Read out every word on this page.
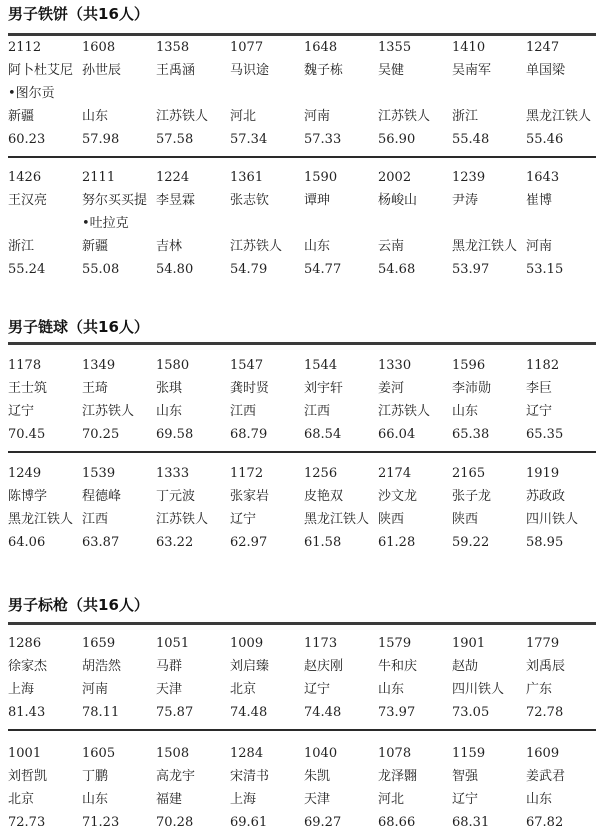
男子铁饼（共16人）
2112
阿卜杜艾尼
•图尔贡
新疆
60.23
1608
孙世辰
山东
57.98
1358
王禹涵
江苏铁人
57.58
1077
马识途
河北
57.34
1648
魏子栋
河南
57.33
1355
吴健
江苏铁人
56.90
1410
吴南军
浙江
55.48
1247
单国梁
黑龙江铁人
55.46
1426
王汉亮
浙江
55.24
2111
努尔买买提
•吐拉克
新疆
55.08
1224
李昱霖
吉林
54.80
1361
张志钦
江苏铁人
54.79
1590
谭珅
山东
54.77
2002
杨峻山
云南
54.68
1239
尹涛
黑龙江铁人
53.97
1643
崔博
河南
53.15
男子链球（共16人）
1178
王士筑
辽宁
70.45
1349
王琦
江苏铁人
70.25
1580
张琪
山东
69.58
1547
龚时贤
江西
68.79
1544
刘宇轩
江西
68.54
1330
姜河
江苏铁人
66.04
1596
李沛勋
山东
65.38
1182
李巨
辽宁
65.35
1249
陈博学
黑龙江铁人
64.06
1539
程德峰
江西
63.87
1333
丁元波
江苏铁人
63.22
1172
张家岩
辽宁
62.97
1256
皮艳双
黑龙江铁人
61.58
2174
沙文龙
陕西
61.28
2165
张子龙
陕西
59.22
1919
苏政政
四川铁人
58.95
男子标枪（共16人）
1286
徐家杰
上海
81.43
1659
胡浩然
河南
78.11
1051
马群
天津
75.87
1009
刘启臻
北京
74.48
1173
赵庆刚
辽宁
74.48
1579
牛和庆
山东
73.97
1901
赵劼
四川铁人
73.05
1779
刘禹辰
广东
72.78
1001
刘哲凯
北京
72.73
1605
丁鹏
山东
71.23
1508
高龙宇
福建
70.28
1284
宋清书
上海
69.61
1040
朱凯
天津
69.27
1078
龙泽翾
河北
68.66
1159
智强
辽宁
68.31
1609
姜武君
山东
67.82
